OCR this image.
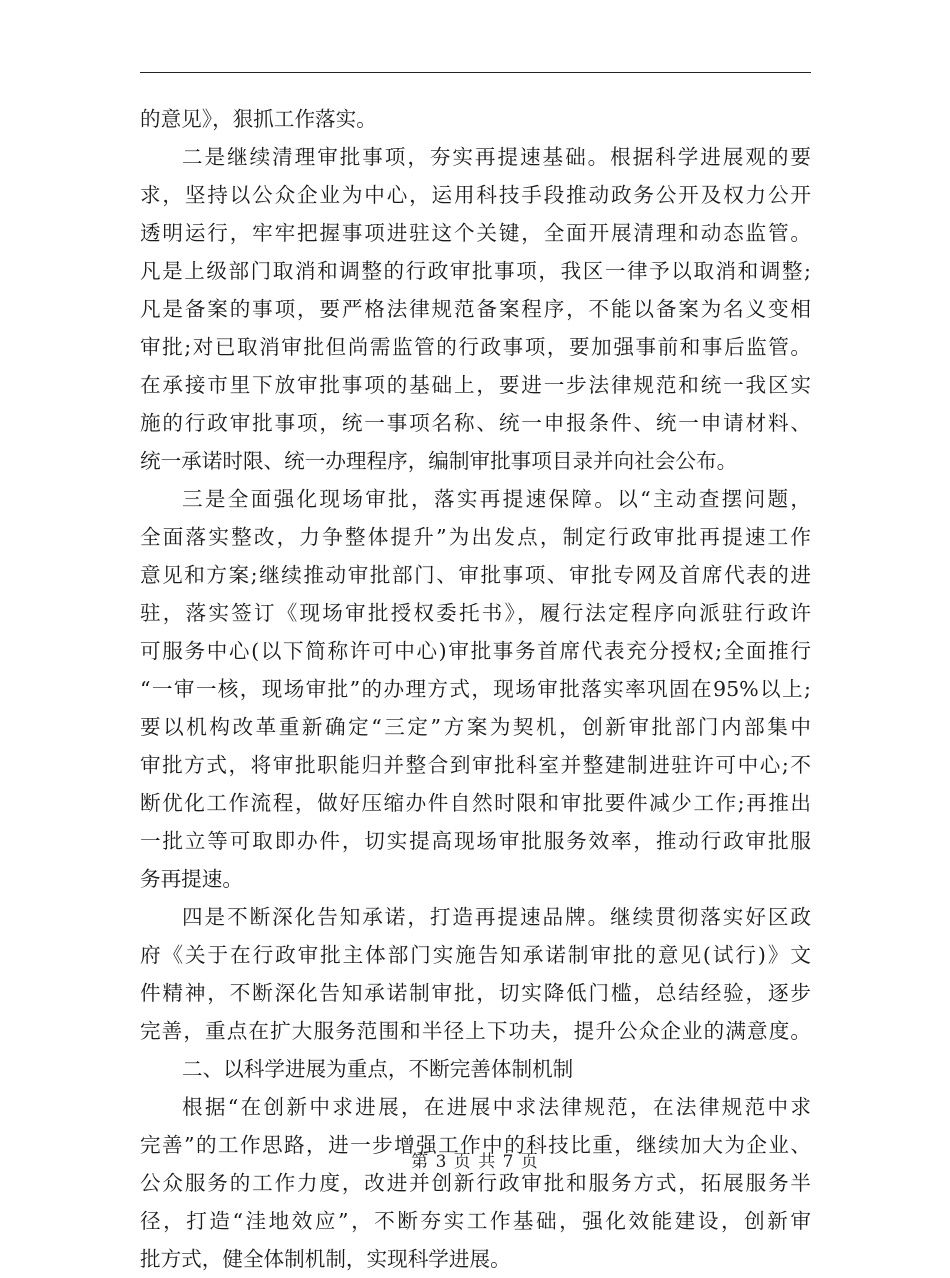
的意见》，狠抓工作落实。
二是继续清理审批事项，夯实再提速基础。根据科学进展观的要
求，坚持以公众企业为中心，运用科技手段推动政务公开及权力公开
透明运行，牢牢把握事项进驻这个关键，全面开展清理和动态监管。
凡是上级部门取消和调整的行政审批事项，我区一律予以取消和调整;
凡是备案的事项，要严格法律规范备案程序，不能以备案为名义变相
审批;对已取消审批但尚需监管的行政事项，要加强事前和事后监管。
在承接市里下放审批事项的基础上，要进一步法律规范和统一我区实
施的行政审批事项，统一事项名称、统一申报条件、统一申请材料、
统一承诺时限、统一办理程序，编制审批事项目录并向社会公布。
三是全面强化现场审批，落实再提速保障。以“主动查摆问题，
全面落实整改，力争整体提升”为出发点，制定行政审批再提速工作
意见和方案;继续推动审批部门、审批事项、审批专网及首席代表的进
驻，落实签订《现场审批授权委托书》，履行法定程序向派驻行政许
可服务中心(以下简称许可中心)审批事务首席代表充分授权;全面推行
“一审一核，现场审批”的办理方式，现场审批落实率巩固在95%以上;
要以机构改革重新确定“三定”方案为契机，创新审批部门内部集中
审批方式，将审批职能归并整合到审批科室并整建制进驻许可中心;不
断优化工作流程，做好压缩办件自然时限和审批要件减少工作;再推出
一批立等可取即办件，切实提高现场审批服务效率，推动行政审批服
务再提速。
四是不断深化告知承诺，打造再提速品牌。继续贯彻落实好区政
府《关于在行政审批主体部门实施告知承诺制审批的意见(试行)》文
件精神，不断深化告知承诺制审批，切实降低门槛，总结经验，逐步
完善，重点在扩大服务范围和半径上下功夫，提升公众企业的满意度。
二、以科学进展为重点，不断完善体制机制
根据“在创新中求进展，在进展中求法律规范，在法律规范中求
完善”的工作思路，进一步增强工作中的科技比重，继续加大为企业、
公众服务的工作力度，改进并创新行政审批和服务方式，拓展服务半
径，打造“洼地效应”，不断夯实工作基础，强化效能建设，创新审
批方式，健全体制机制，实现科学进展。
第 3 页 共 7 页
